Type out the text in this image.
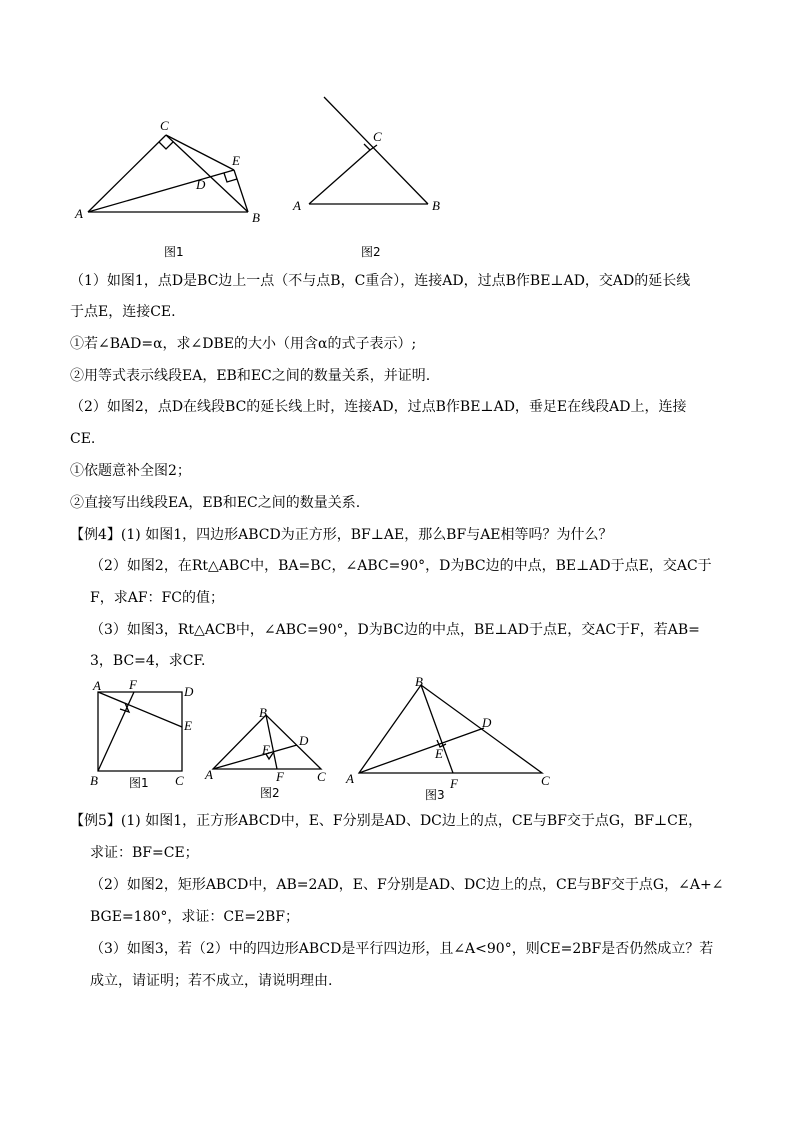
A	B
C
D
E
图1
A	B
C
图2
（1）如图1，点D是BC边上一点（不与点B，C重合），连接AD，过点B作BE⊥AD，交AD的延长线
于点E，连接CE.
①若∠BAD=α，求∠DBE的大小（用含α的式子表示）;
②用等式表示线段EA，EB和EC之间的数量关系，并证明.
（2）如图2，点D在线段BC的延长线上时，连接AD，过点B作BE⊥AD，垂足E在线段AD上，连接
CE.
①依题意补全图2；
②直接写出线段EA，EB和EC之间的数量关系.
【例4】(1) 如图1，四边形ABCD为正方形，BF⊥AE，那么BF与AE相等吗？为什么？
（2）如图2，在Rt△ABC中，BA=BC，∠ABC=90°，D为BC边的中点，BE⊥AD于点E，交AC于
F，求AF：FC的值；
（3）如图3，Rt△ACB中，∠ABC=90°，D为BC边的中点，BE⊥AD于点E，交AC于F，若AB=
3，BC=4，求CF.
A F	D
E
B	C
图1
B
D
E
A	F	C
图2
B
D
E
A	F	C
图3
【例5】(1) 如图1，正方形ABCD中，E、F分别是AD、DC边上的点，CE与BF交于点G，BF⊥CE，
求证：BF=CE；
（2）如图2，矩形ABCD中，AB=2AD，E、F分别是AD、DC边上的点，CE与BF交于点G，∠A+∠
BGE=180°，求证：CE=2BF；
（3）如图3，若（2）中的四边形ABCD是平行四边形，且∠A<90°，则CE=2BF是否仍然成立？若
成立，请证明；若不成立，请说明理由.
